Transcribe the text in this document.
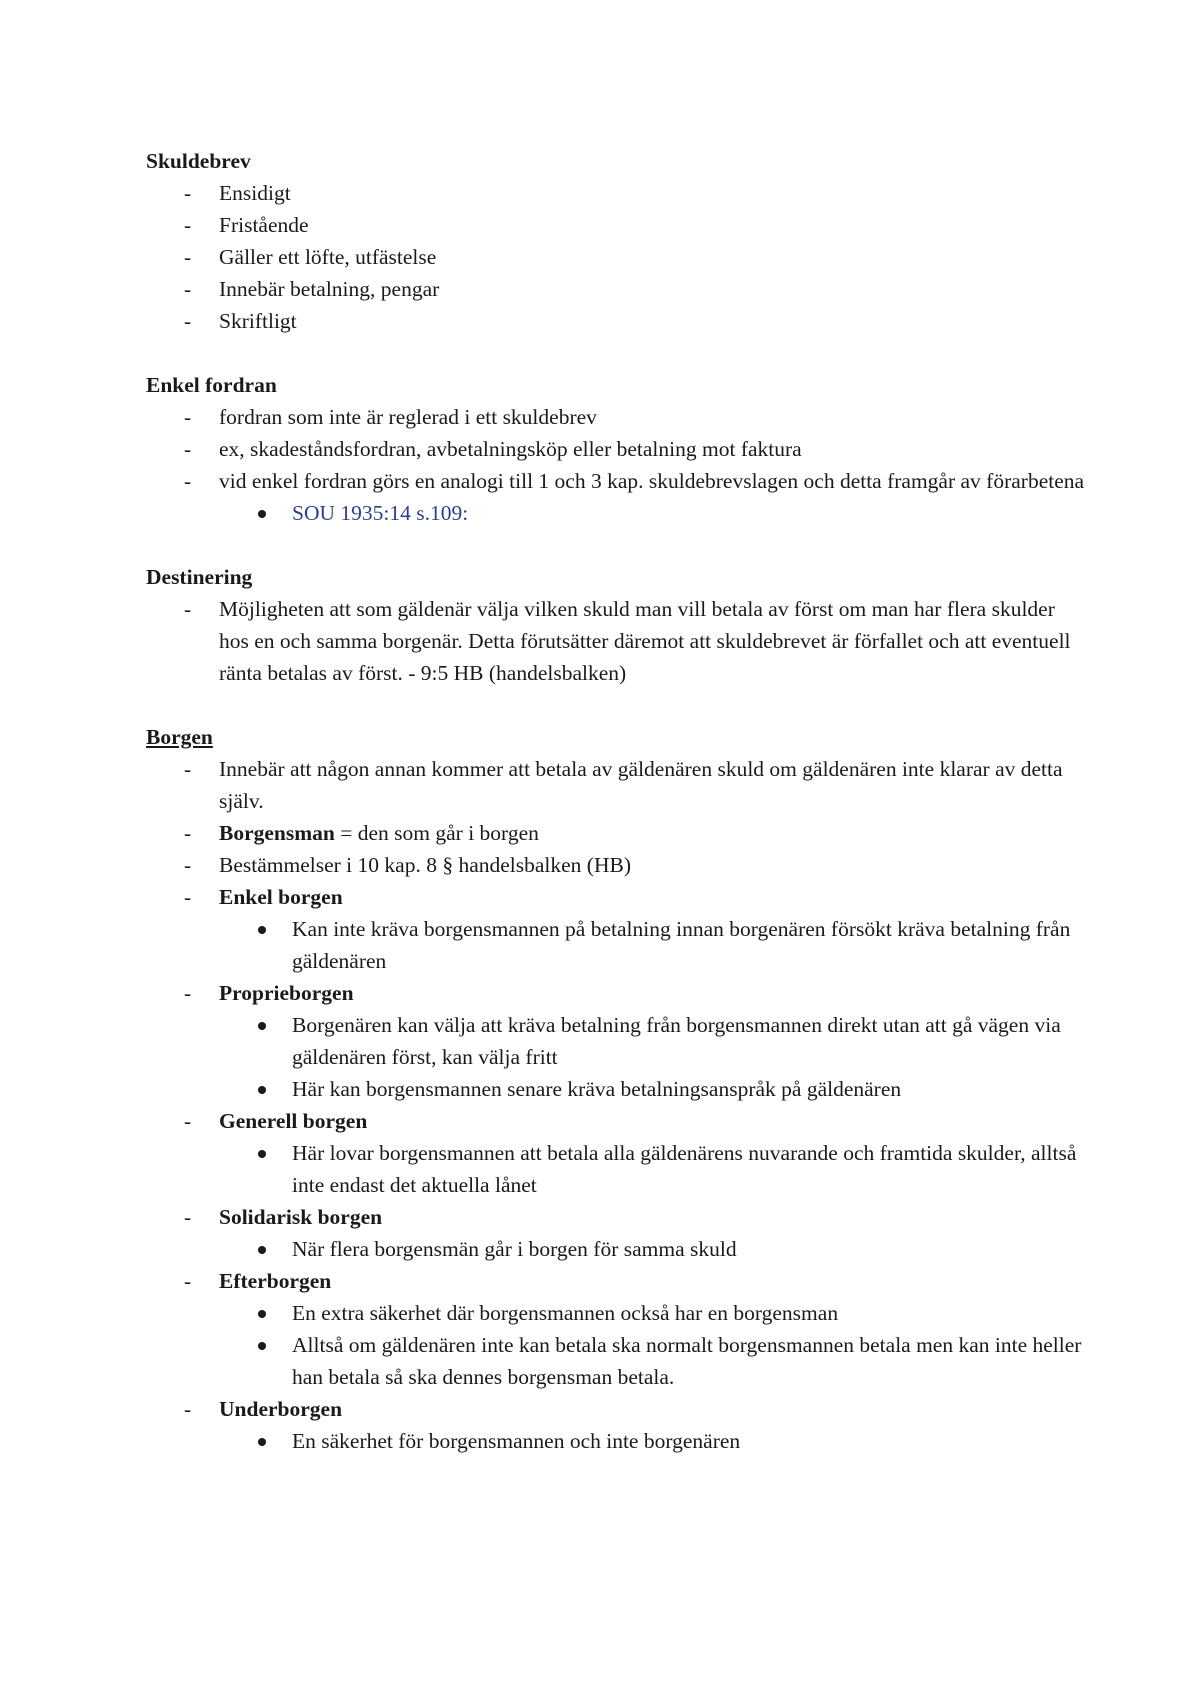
Skuldebrev
- Ensidigt
- Fristående
- Gäller ett löfte, utfästelse
- Innebär betalning, pengar
- Skriftligt
Enkel fordran
- fordran som inte är reglerad i ett skuldebrev
- ex, skadeståndsfordran, avbetalningsköp eller betalning mot faktura
- vid enkel fordran görs en analogi till 1 och 3 kap. skuldebrevslagen och detta framgår av förarbetena
SOU 1935:14 s.109:
Destinering
- Möjligheten att som gäldenär välja vilken skuld man vill betala av först om man har flera skulder hos en och samma borgenär. Detta förutsätter däremot att skuldebrevet är förfallet och att eventuell ränta betalas av först. - 9:5 HB (handelsbalken)
Borgen
- Innebär att någon annan kommer att betala av gäldenären skuld om gäldenären inte klarar av detta själv.
- Borgensman = den som går i borgen
- Bestämmelser i 10 kap. 8 § handelsbalken (HB)
- Enkel borgen
Kan inte kräva borgensmannen på betalning innan borgenären försökt kräva betalning från gäldenären
- Proprieborgen
Borgenären kan välja att kräva betalning från borgensmannen direkt utan att gå vägen via gäldenären först, kan välja fritt
Här kan borgensmannen senare kräva betalningsanspråk på gäldenären
- Generell borgen
Här lovar borgensmannen att betala alla gäldenärens nuvarande och framtida skulder, alltså inte endast det aktuella lånet
- Solidarisk borgen
När flera borgensmän går i borgen för samma skuld
- Efterborgen
En extra säkerhet där borgensmannen också har en borgensman
Alltså om gäldenären inte kan betala ska normalt borgensmannen betala men kan inte heller han betala så ska dennes borgensman betala.
- Underborgen
En säkerhet för borgensmannen och inte borgenären
